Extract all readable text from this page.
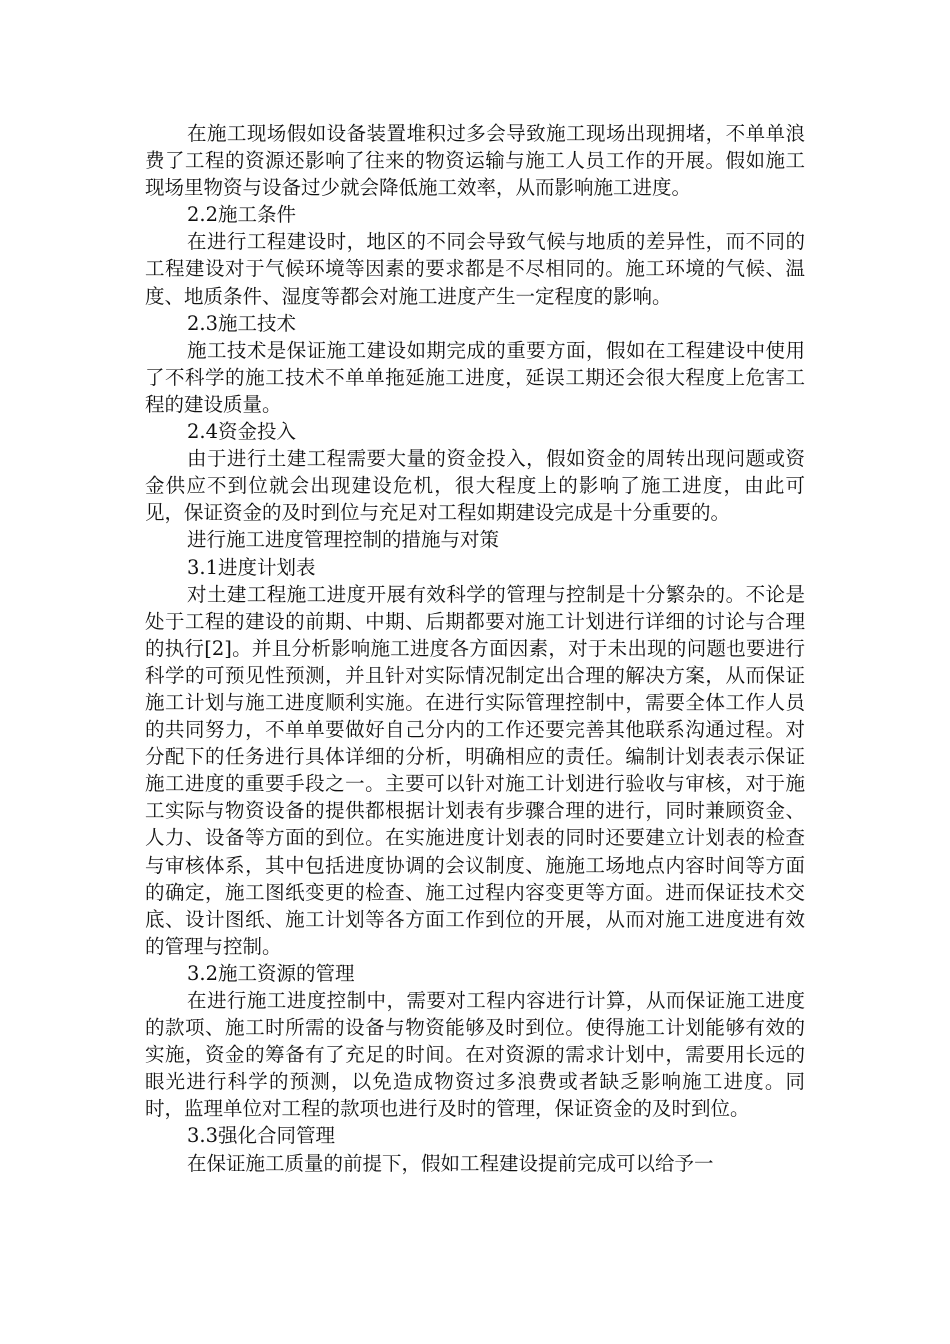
在施工现场假如设备装置堆积过多会导致施工现场出现拥堵，不单单浪费了工程的资源还影响了往来的物资运输与施工人员工作的开展。假如施工现场里物资与设备过少就会降低施工效率，从而影响施工进度。

2.2施工条件

在进行工程建设时，地区的不同会导致气候与地质的差异性，而不同的工程建设对于气候环境等因素的要求都是不尽相同的。施工环境的气候、温度、地质条件、湿度等都会对施工进度产生一定程度的影响。

2.3施工技术

施工技术是保证施工建设如期完成的重要方面，假如在工程建设中使用了不科学的施工技术不单单拖延施工进度，延误工期还会很大程度上危害工程的建设质量。

2.4资金投入

由于进行土建工程需要大量的资金投入，假如资金的周转出现问题或资金供应不到位就会出现建设危机，很大程度上的影响了施工进度，由此可见，保证资金的及时到位与充足对工程如期建设完成是十分重要的。

进行施工进度管理控制的措施与对策

3.1进度计划表

对土建工程施工进度开展有效科学的管理与控制是十分繁杂的。不论是处于工程的建设的前期、中期、后期都要对施工计划进行详细的讨论与合理的执行[2]。并且分析影响施工进度各方面因素，对于未出现的问题也要进行科学的可预见性预测，并且针对实际情况制定出合理的解决方案，从而保证施工计划与施工进度顺利实施。在进行实际管理控制中，需要全体工作人员的共同努力，不单单要做好自己分内的工作还要完善其他联系沟通过程。对分配下的任务进行具体详细的分析，明确相应的责任。编制计划表表示保证施工进度的重要手段之一。主要可以针对施工计划进行验收与审核，对于施工实际与物资设备的提供都根据计划表有步骤合理的进行，同时兼顾资金、人力、设备等方面的到位。在实施进度计划表的同时还要建立计划表的检查与审核体系，其中包括进度协调的会议制度、施施工场地点内容时间等方面的确定，施工图纸变更的检查、施工过程内容变更等方面。进而保证技术交底、设计图纸、施工计划等各方面工作到位的开展，从而对施工进度进有效的管理与控制。

3.2施工资源的管理

在进行施工进度控制中，需要对工程内容进行计算，从而保证施工进度的款项、施工时所需的设备与物资能够及时到位。使得施工计划能够有效的实施，资金的筹备有了充足的时间。在对资源的需求计划中，需要用长远的眼光进行科学的预测，以免造成物资过多浪费或者缺乏影响施工进度。同时，监理单位对工程的款项也进行及时的管理，保证资金的及时到位。

3.3强化合同管理

在保证施工质量的前提下，假如工程建设提前完成可以给予一
